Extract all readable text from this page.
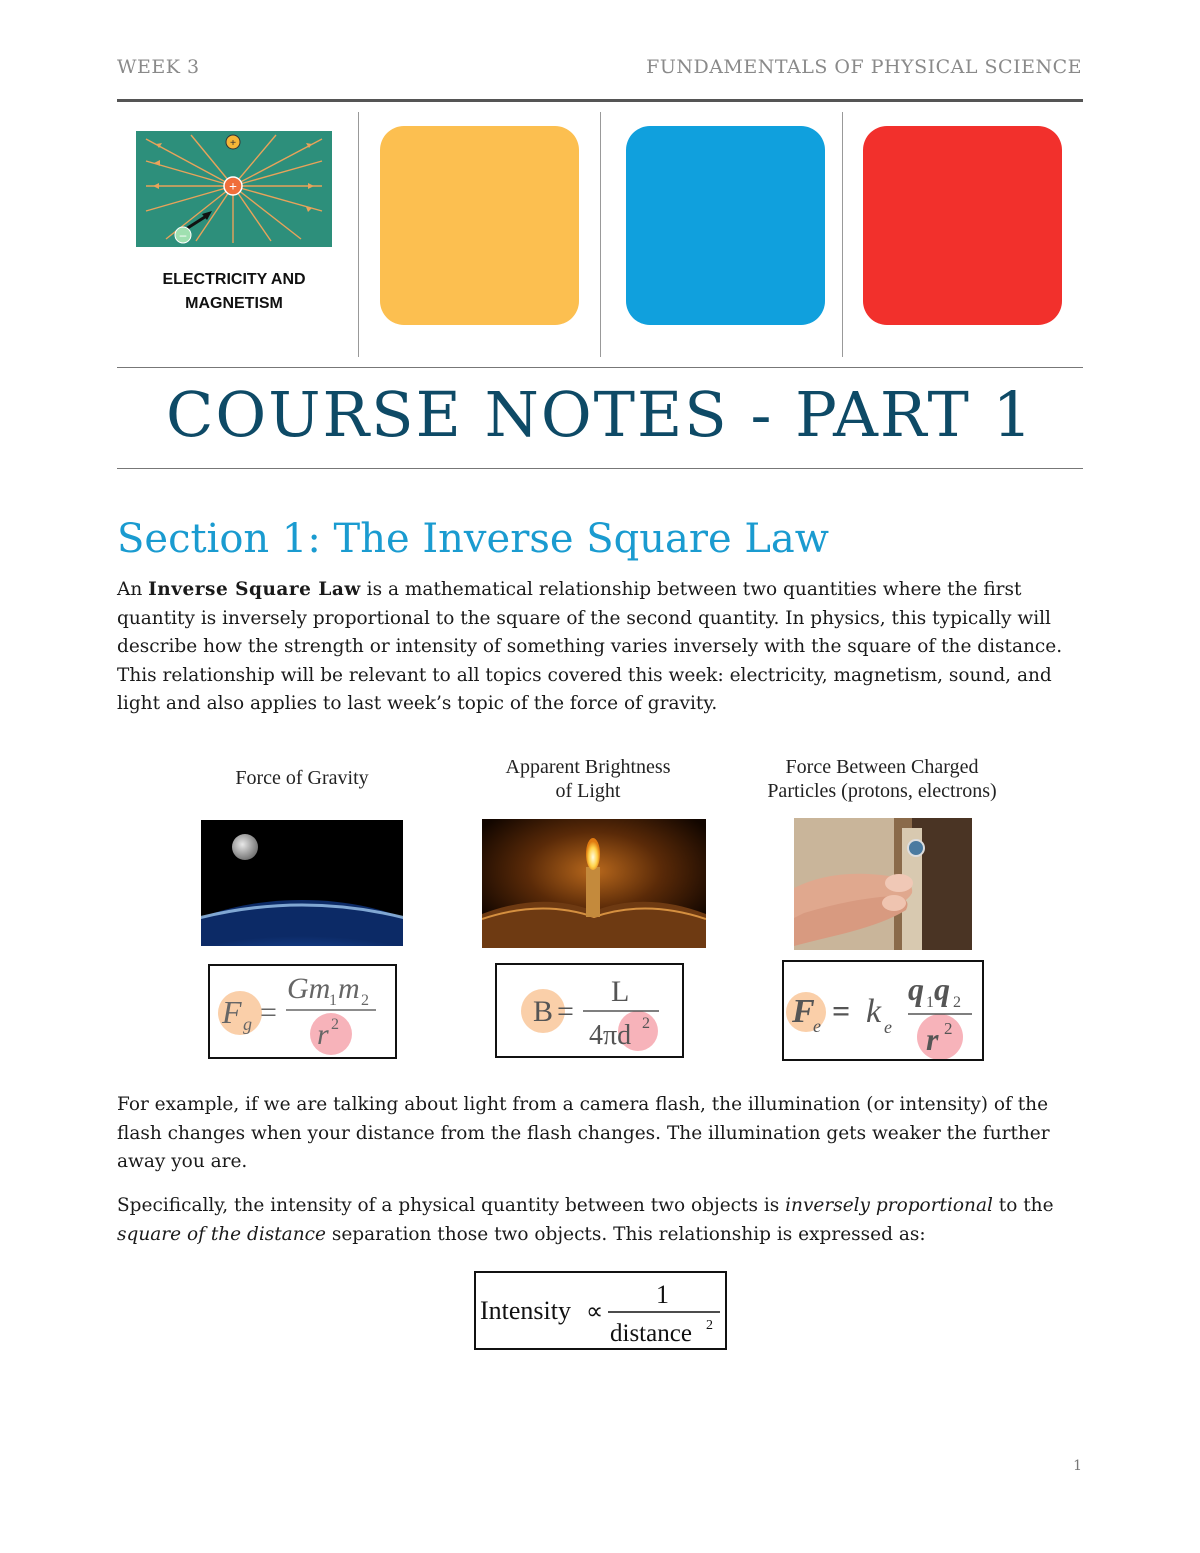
WEEK 3	FUNDAMENTALS OF PHYSICAL SCIENCE
+
+
–
ELECTRICITY AND
MAGNETISM
COURSE NOTES - PART 1
Section 1: The Inverse Square Law

An Inverse Square Law is a mathematical relationship between two quantities where the first quantity is inversely proportional to the square of the second quantity. In physics, this typically will describe how the strength or intensity of something varies inversely with the square of the distance. This relationship will be relevant to all topics covered this week: electricity, magnetism, sound, and light and also applies to last week’s topic of the force of gravity.

Force of Gravity	Apparent Brightness
of Light
Force Between Charged
Particles (protons, electrons)
F g =
Gm
1 m 2
r 2	B =
L
4πd 2	F
e = k e
q 1 q 2
r 2

For example, if we are talking about light from a camera flash, the illumination (or intensity) of the flash changes when your distance from the flash changes. The illumination gets weaker the further away you are.

Specifically, the intensity of a physical quantity between two objects is inversely proportional to the square of the distance separation those two objects. This relationship is expressed as:

Intensity ∝
1
distance 2
1
